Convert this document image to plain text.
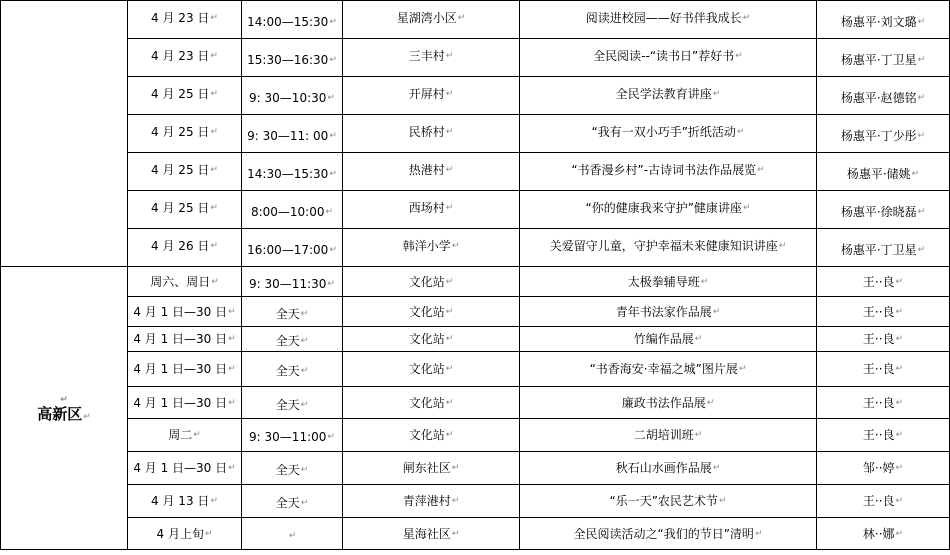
	4 月 23 日 ↵	14:00—15:30 ↵	星湖湾小区 ↵	阅读进校园——好书伴我成长 ↵	杨惠平·刘文璐 ↵

	4 月 23 日 ↵	15:30—16:30 ↵	三丰村 ↵	全民阅读--“读书日”荐好书 ↵	杨惠平·丁卫星 ↵

	4 月 25 日 ↵	9: 30—10:30 ↵	开屏村 ↵	全民学法教育讲座 ↵	杨惠平·赵德铭 ↵

	4 月 25 日 ↵	9: 30—11: 00 ↵	民桥村 ↵	“我有一双小巧手”折纸活动 ↵	杨惠平·丁少彤 ↵

	4 月 25 日 ↵	14:30—15:30 ↵	热港村 ↵	“书香漫乡村”-古诗词书法作品展览 ↵	杨惠平·储姚 ↵

	4 月 25 日 ↵	8:00—10:00 ↵	西场村 ↵	“你的健康我来守护”健康讲座 ↵	杨惠平·徐晓磊 ↵

	4 月 26 日 ↵	16:00—17:00 ↵	韩洋小学 ↵	关爱留守儿童，守护幸福未来健康知识讲座 ↵	杨惠平·丁卫星 ↵

↵
高新区↵	周六、周日 ↵	9: 30—11:30 ↵	文化站 ↵	太极拳辅导班 ↵	王··良 ↵

	4 月 1 日—30 日 ↵	全天 ↵	文化站 ↵	青年书法家作品展 ↵	王··良 ↵

	4 月 1 日—30 日 ↵	全天 ↵	文化站 ↵	竹编作品展 ↵	王··良 ↵

	4 月 1 日—30 日 ↵	全天 ↵	文化站 ↵	“书香海安·幸福之城”图片展 ↵	王··良 ↵

	4 月 1 日—30 日 ↵	全天 ↵	文化站 ↵	廉政书法作品展 ↵	王··良 ↵

	周二 ↵	9: 30—11:00 ↵	文化站 ↵	二胡培训班 ↵	王··良 ↵

	4 月 1 日—30 日 ↵	全天 ↵	闸东社区 ↵	秋石山水画作品展 ↵	邹··婷 ↵

	4 月 13 日 ↵	全天 ↵	青萍港村 ↵	“乐一天”农民艺术节 ↵	王··良 ↵

	4 月上旬 ↵	↵	星海社区 ↵	全民阅读活动之“我们的节日”清明 ↵	林··娜 ↵
